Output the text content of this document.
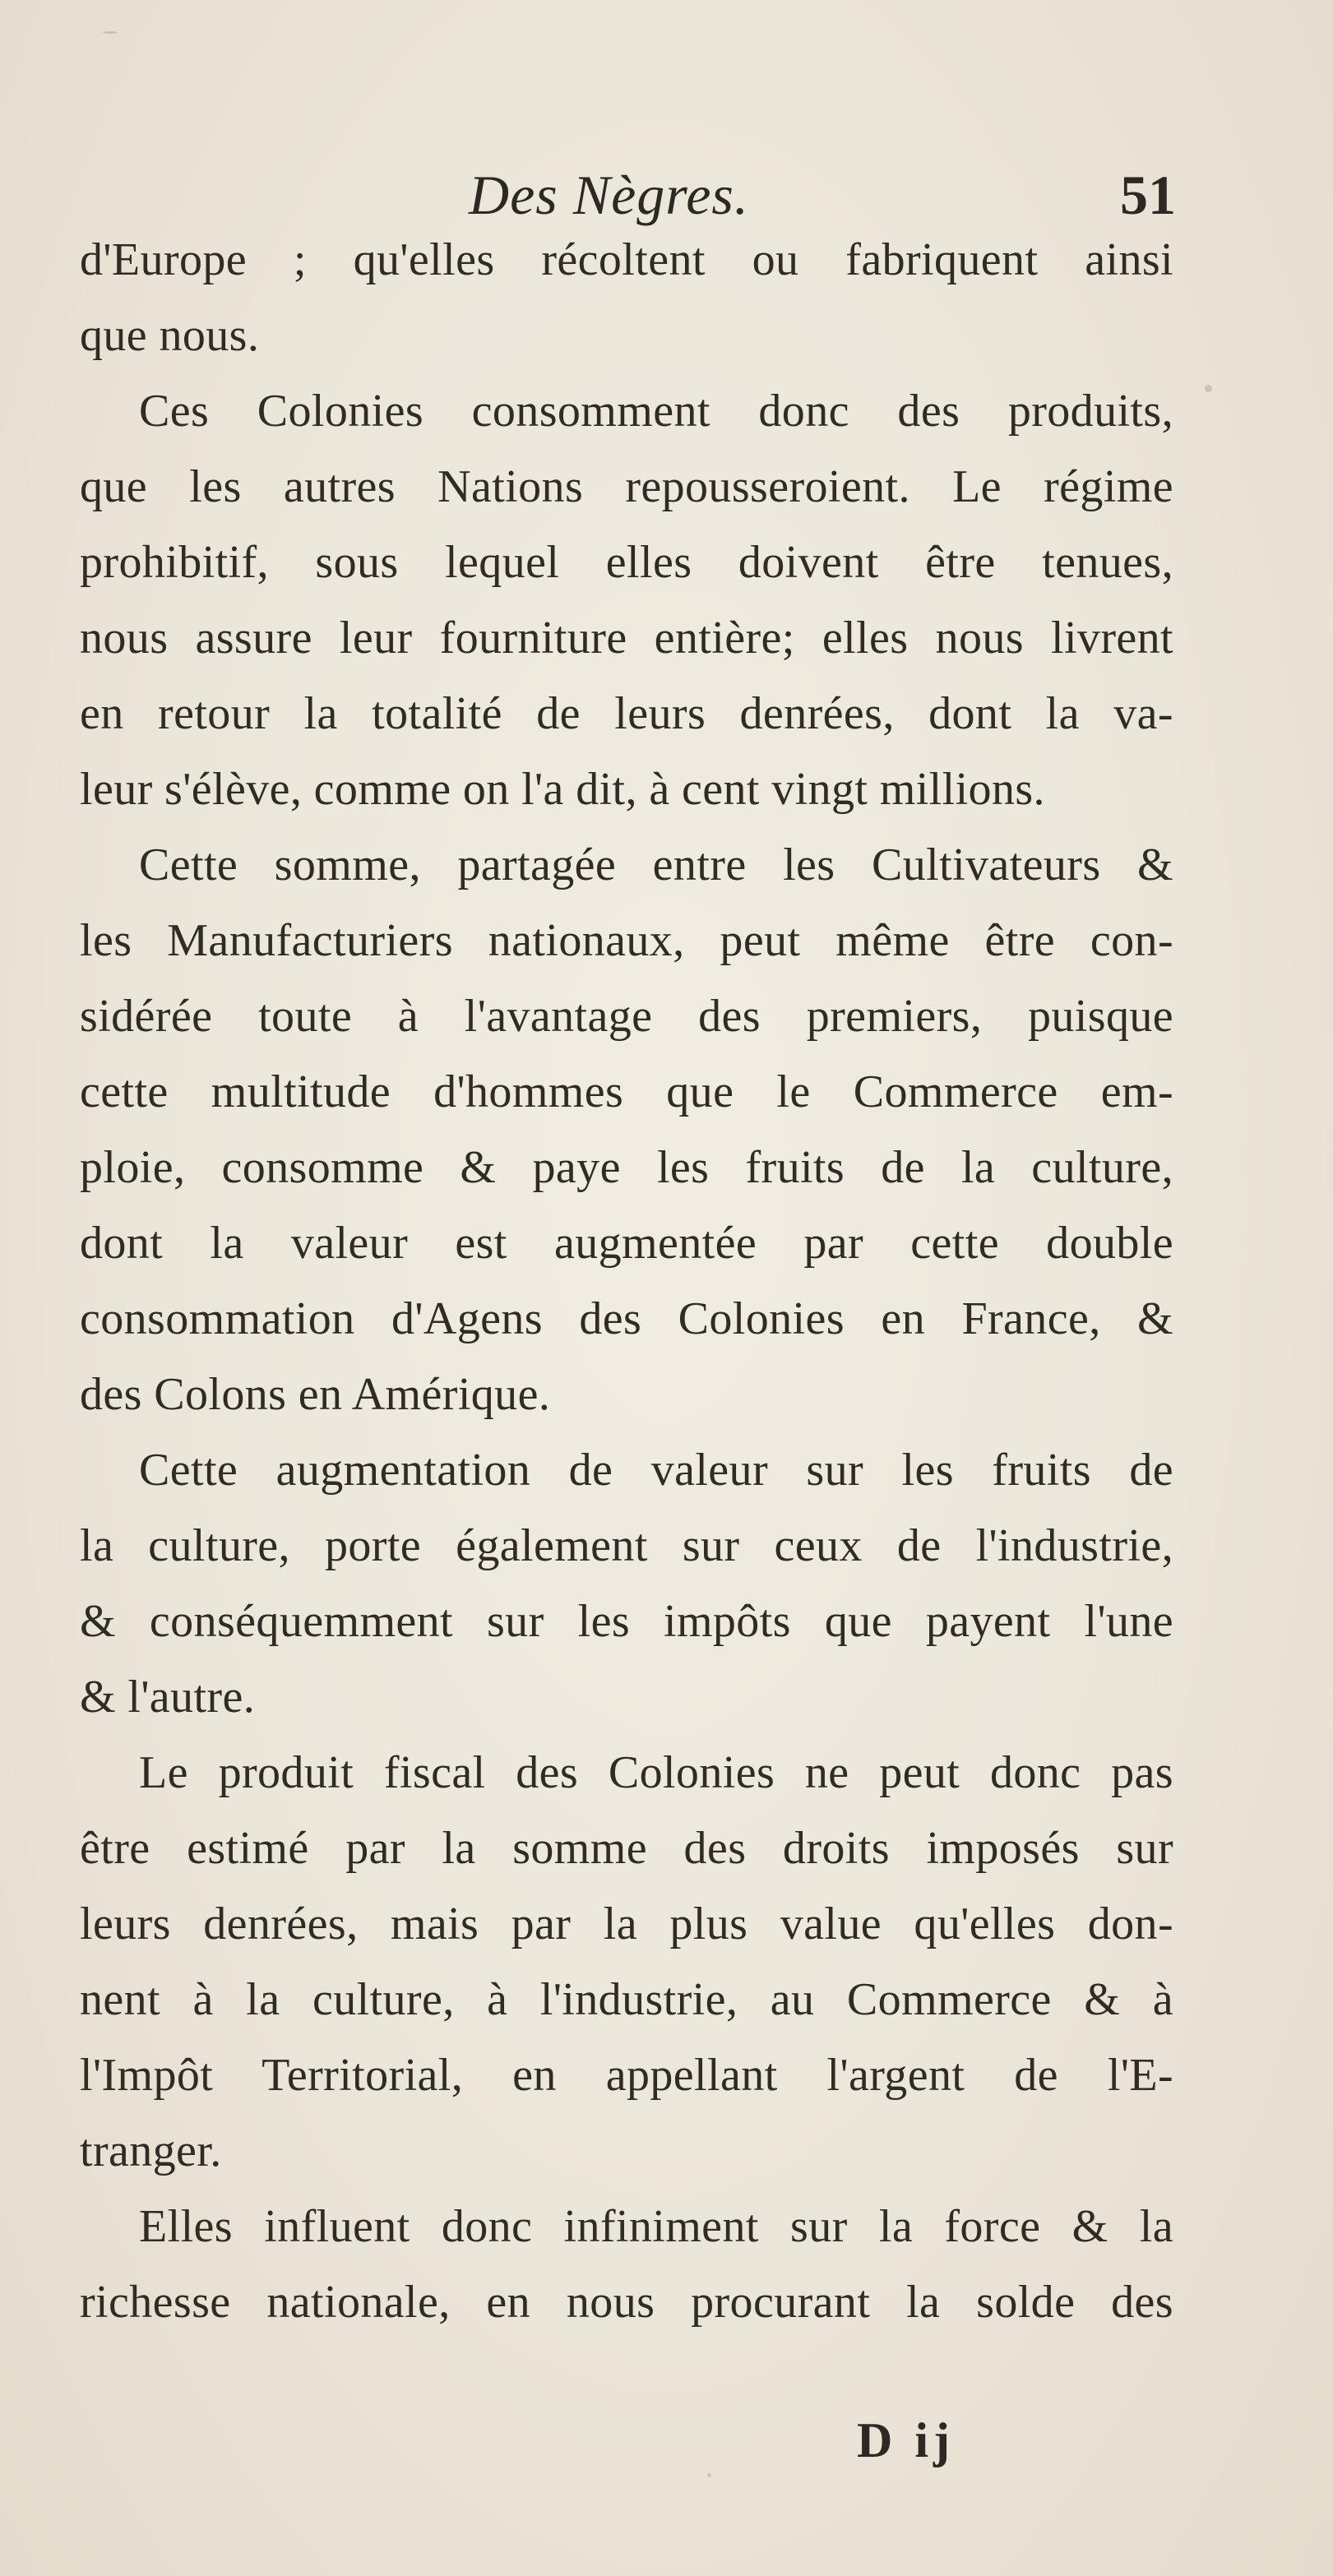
Des Nègres.	51
d'Europe ; qu'elles récoltent ou fabriquent ainsi
que nous.
Ces Colonies consomment donc des produits,
que les autres Nations repousseroient. Le régime
prohibitif, sous lequel elles doivent être tenues,
nous assure leur fourniture entière; elles nous livrent
en retour la totalité de leurs denrées, dont la va-
leur s'élève, comme on l'a dit, à cent vingt millions.
Cette somme, partagée entre les Cultivateurs &
les Manufacturiers nationaux, peut même être con-
sidérée toute à l'avantage des premiers, puisque
cette multitude d'hommes que le Commerce em-
ploie, consomme & paye les fruits de la culture,
dont la valeur est augmentée par cette double
consommation d'Agens des Colonies en France, &
des Colons en Amérique.
Cette augmentation de valeur sur les fruits de
la culture, porte également sur ceux de l'industrie,
& conséquemment sur les impôts que payent l'une
& l'autre.
Le produit fiscal des Colonies ne peut donc pas
être estimé par la somme des droits imposés sur
leurs denrées, mais par la plus value qu'elles don-
nent à la culture, à l'industrie, au Commerce & à
l'Impôt Territorial, en appellant l'argent de l'E-
tranger.
Elles influent donc infiniment sur la force & la
richesse nationale, en nous procurant la solde des
D ij
